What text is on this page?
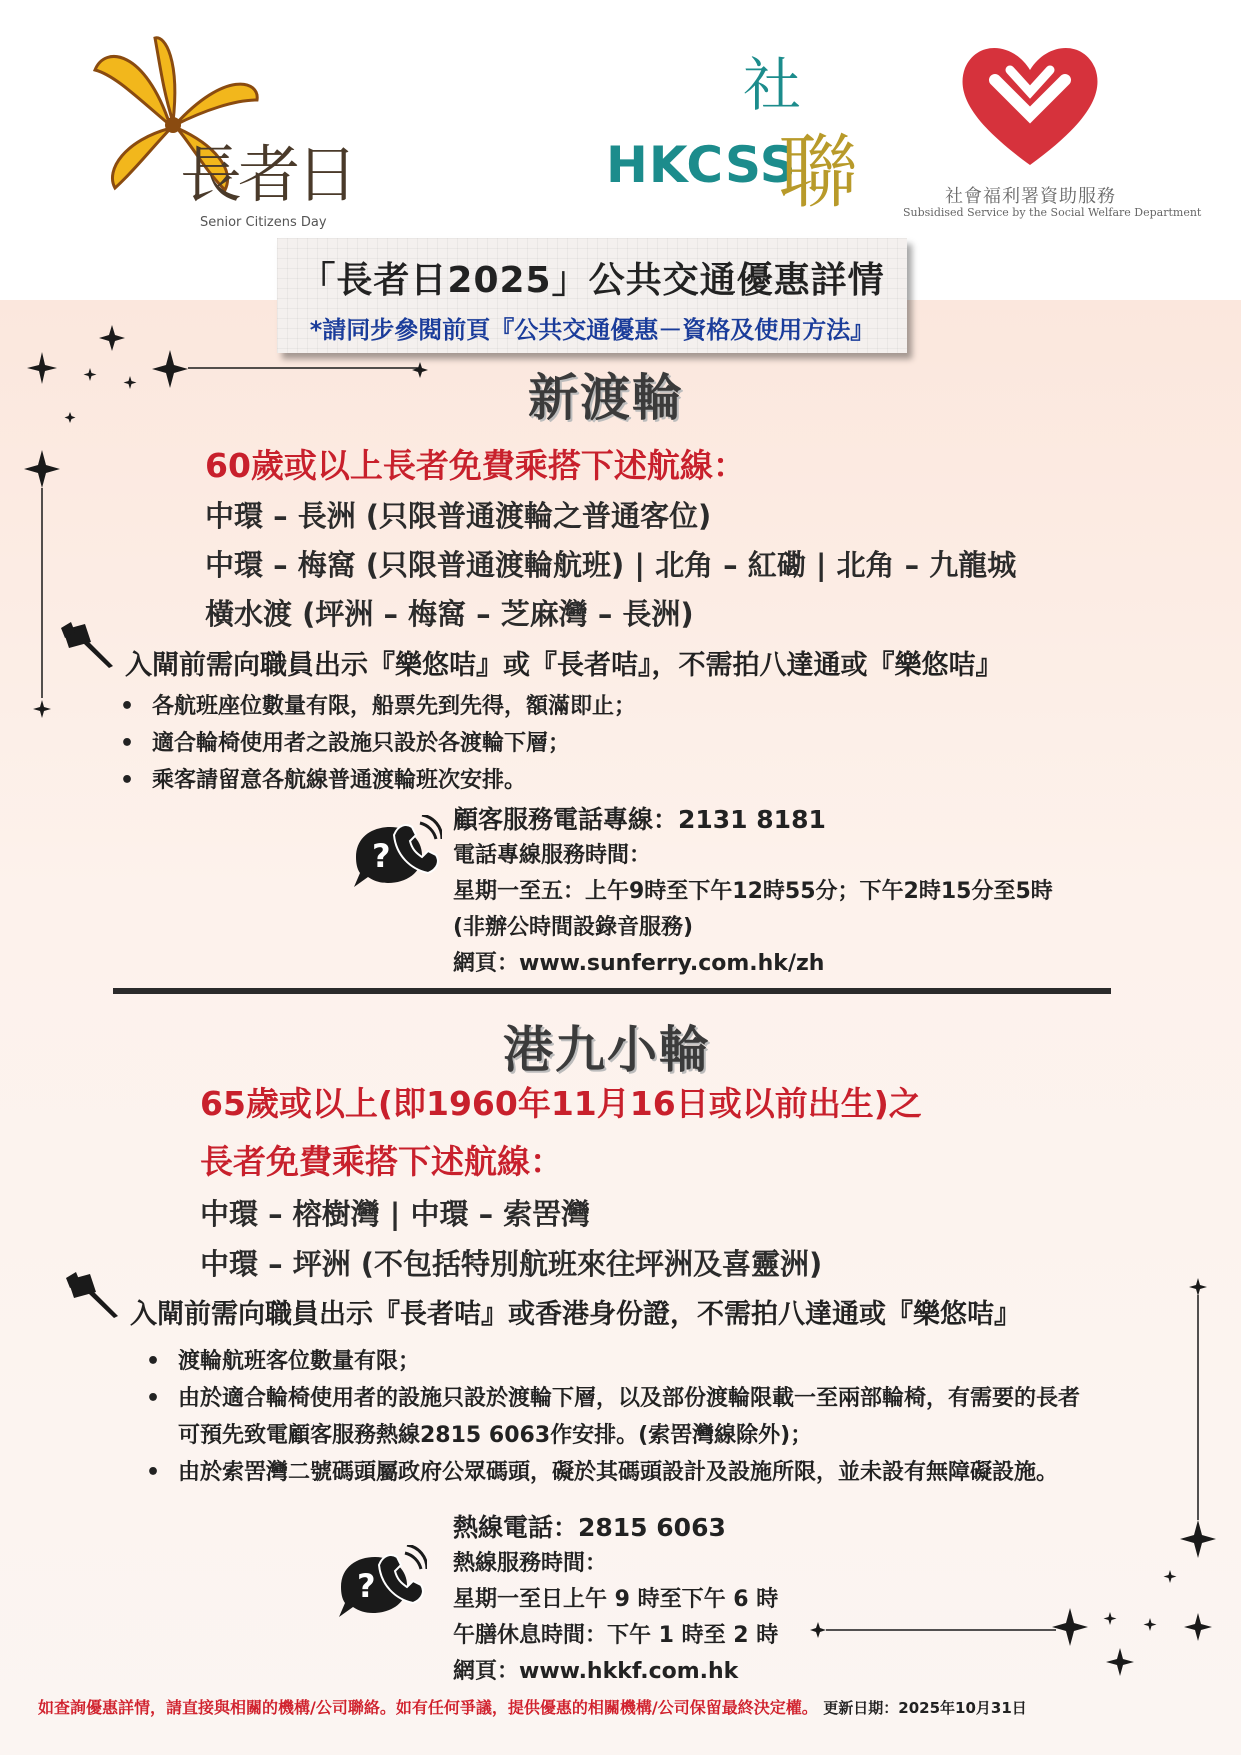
長者日
Senior Citizens Day
社
HKCSS
聯	社會福利署資助服務
Subsidised Service by the Social Welfare Department
「長者日2025」公共交通優惠詳情
*請同步參閱前頁『公共交通優惠－資格及使用方法』
新渡輪
60歲或以上長者免費乘搭下述航線：
中環 – 長洲 (只限普通渡輪之普通客位)
中環 – 梅窩 (只限普通渡輪航班) | 北角 – 紅磡 | 北角 – 九龍城
橫水渡 (坪洲 – 梅窩 – 芝麻灣 – 長洲)
入閘前需向職員出示『樂悠咭』或『長者咭』，不需拍八達通或『樂悠咭』
• 各航班座位數量有限，船票先到先得，額滿即止；
• 適合輪椅使用者之設施只設於各渡輪下層；
• 乘客請留意各航線普通渡輪班次安排。
?
顧客服務電話專線：2131 8181
電話專線服務時間：
星期一至五：上午9時至下午12時55分；下午2時15分至5時
(非辦公時間設錄音服務)
網頁：www.sunferry.com.hk/zh
港九小輪
65歲或以上(即1960年11月16日或以前出生)之
長者免費乘搭下述航線：
中環 – 榕樹灣 | 中環 – 索罟灣
中環 – 坪洲 (不包括特別航班來往坪洲及喜靈洲)
入閘前需向職員出示『長者咭』或香港身份證，不需拍八達通或『樂悠咭』
• 渡輪航班客位數量有限；
• 由於適合輪椅使用者的設施只設於渡輪下層，以及部份渡輪限載一至兩部輪椅，有需要的長者可預先致電顧客服務熱線2815 6063作安排。(索罟灣線除外)；
• 由於索罟灣二號碼頭屬政府公眾碼頭，礙於其碼頭設計及設施所限，並未設有無障礙設施。
?
熱線電話：2815 6063
熱線服務時間：
星期一至日上午 9 時至下午 6 時
午膳休息時間：下午 1 時至 2 時
網頁：www.hkkf.com.hk
如查詢優惠詳情，請直接與相關的機構/公司聯絡。如有任何爭議，提供優惠的相關機構/公司保留最終決定權。 更新日期：2025年10月31日
